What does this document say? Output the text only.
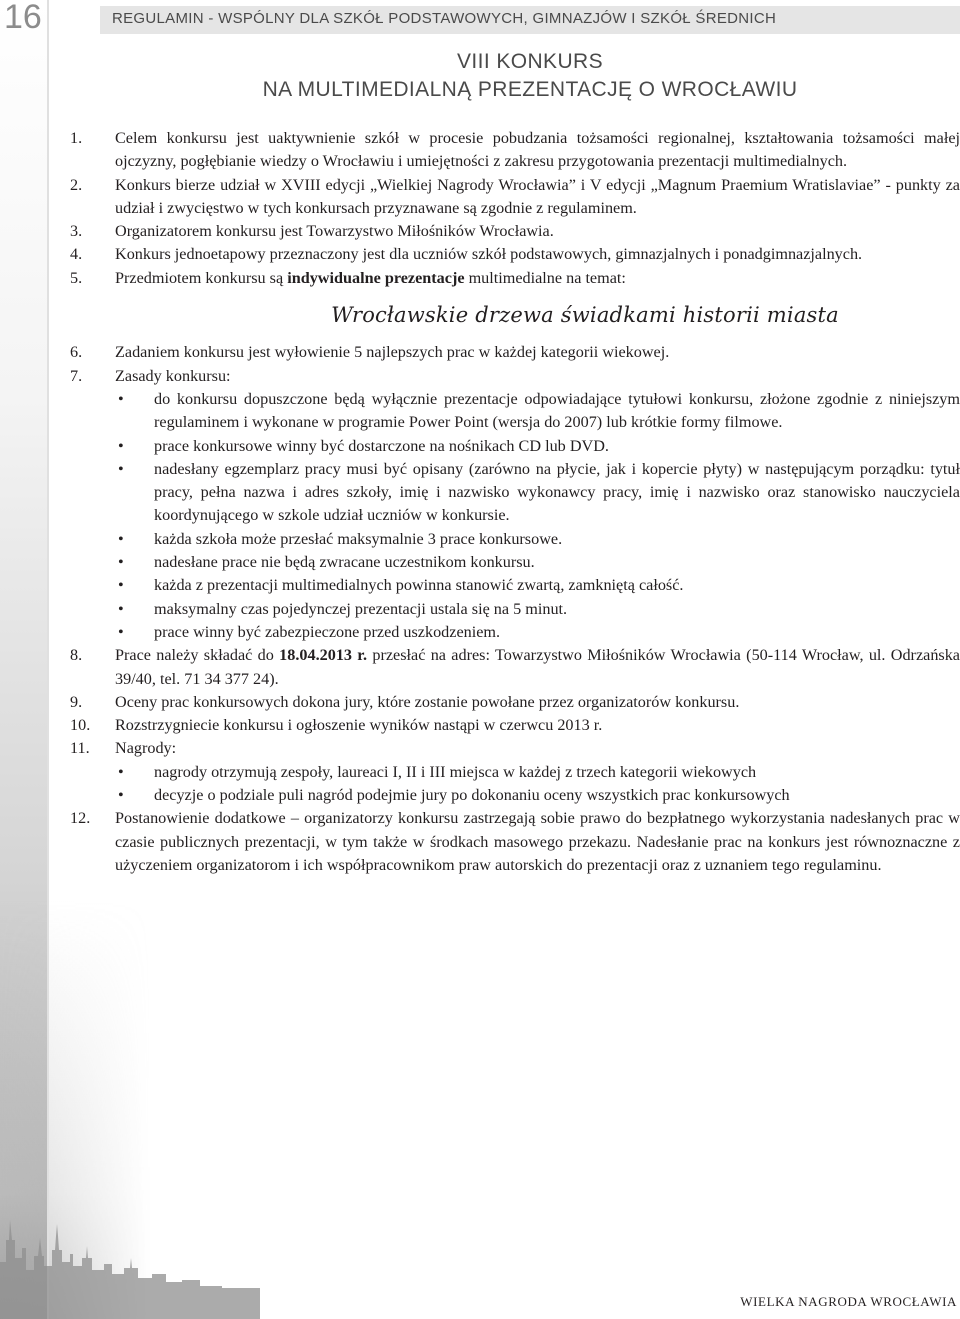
16	REGULAMIN - WSPÓLNY DLA SZKÓŁ PODSTAWOWYCH, GIMNAZJÓW I SZKÓŁ ŚREDNICH
VIII KONKURS
NA MULTIMEDIALNĄ PREZENTACJĘ O WROCŁAWIU
1.	Celem konkursu jest uaktywnienie szkół w procesie pobudzania tożsamości regionalnej, kształtowania tożsamości małej ojczyzny, pogłębianie wiedzy o Wrocławiu i umiejętności z zakresu przygotowania prezentacji multimedialnych.
2.	Konkurs bierze udział w XVIII edycji „Wielkiej Nagrody Wrocławia” i V edycji „Magnum Praemium Wratislaviae” - punkty za udział i zwycięstwo w tych konkursach przyznawane są zgodnie z regulaminem.
3.	Organizatorem konkursu jest Towarzystwo Miłośników Wrocławia.
4.	Konkurs jednoetapowy przeznaczony jest dla uczniów szkół podstawowych, gimnazjalnych i ponadgimnazjalnych.
5.	Przedmiotem konkursu są indywidualne prezentacje multimedialne na temat:
Wrocławskie drzewa świadkami historii miasta
6.	Zadaniem konkursu jest wyłowienie 5 najlepszych prac w każdej kategorii wiekowej.
7.	Zasady konkursu:
• do konkursu dopuszczone będą wyłącznie prezentacje odpowiadające tytułowi konkursu, złożone zgodnie z niniejszym regulaminem i wykonane w programie Power Point (wersja do 2007) lub krótkie formy filmowe.
• prace konkursowe winny być dostarczone na nośnikach CD lub DVD.
• nadesłany egzemplarz pracy musi być opisany (zarówno na płycie, jak i kopercie płyty) w następującym porządku: tytuł pracy, pełna nazwa i adres szkoły, imię i nazwisko wykonawcy pracy, imię i nazwisko oraz stanowisko nauczyciela koordynującego w szkole udział uczniów w konkursie.
• każda szkoła może przesłać maksymalnie 3 prace konkursowe.
• nadesłane prace nie będą zwracane uczestnikom konkursu.
• każda z prezentacji multimedialnych powinna stanowić zwartą, zamkniętą całość.
• maksymalny czas pojedynczej prezentacji ustala się na 5 minut.
• prace winny być zabezpieczone przed uszkodzeniem.
8.	Prace należy składać do 18.04.2013 r. przesłać na adres: Towarzystwo Miłośników Wrocławia (50-114 Wrocław, ul. Odrzańska 39/40, tel. 71 34 377 24).
9.	Oceny prac konkursowych dokona jury, które zostanie powołane przez organizatorów konkursu.
10.	Rozstrzygniecie konkursu i ogłoszenie wyników nastąpi w czerwcu 2013 r.
11.	Nagrody:
• nagrody otrzymują zespoły, laureaci I, II i III miejsca w każdej z trzech kategorii wiekowych
• decyzje o podziale puli nagród podejmie jury po dokonaniu oceny wszystkich prac konkursowych
12.	Postanowienie dodatkowe – organizatorzy konkursu zastrzegają sobie prawo do bezpłatnego wykorzystania nadesłanych prac w czasie publicznych prezentacji, w tym także w środkach masowego przekazu. Nadesłanie prac na konkurs jest równoznaczne z użyczeniem organizatorom i ich współpracownikom praw autorskich do prezentacji oraz z uznaniem tego regulaminu.
WIELKA NAGRODA WROCŁAWIA
